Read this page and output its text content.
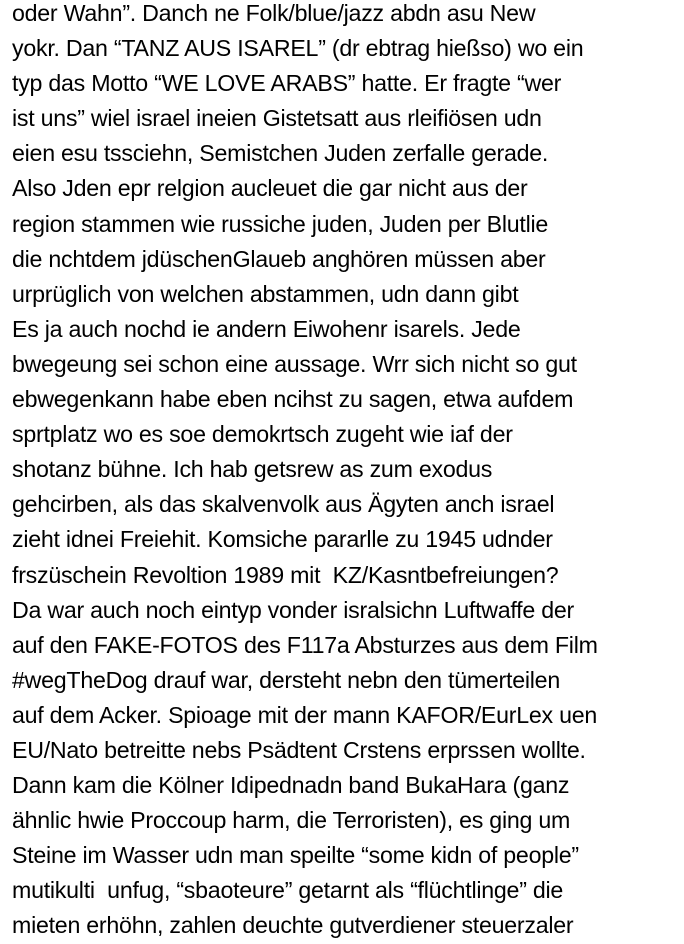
oder Wahn”. Danch ne Folk/blue/jazz abdn asu New
yokr. Dan “TANZ AUS ISAREL” (dr ebtrag hießso) wo ein
typ das Motto “WE LOVE ARABS” hatte. Er fragte “wer
ist uns” wiel israel ineien Gistetsatt aus rleifiösen udn
eien esu tssciehn, Semistchen Juden zerfalle gerade.
Also Jden epr relgion aucleuet die gar nicht aus der
region stammen wie russiche juden, Juden per Blutlie
die nchtdem jdüschenGlaueb anghören müssen aber
urprüglich von welchen abstammen, udn dann gibt
Es ja auch nochd ie andern Eiwohenr isarels. Jede
bwegeung sei schon eine aussage. Wrr sich nicht so gut
ebwegenkann habe eben ncihst zu sagen, etwa aufdem
sprtplatz wo es soe demokrtsch zugeht wie iaf der
shotanz bühne. Ich hab getsrew as zum exodus
gehcirben, als das skalvenvolk aus Ägyten anch israel
zieht idnei Freiehit. Komsiche pararlle zu 1945 udnder
frszüschein Revoltion 1989 mit  KZ/Kasntbefreiungen?
Da war auch noch eintyp vonder isralsichn Luftwaffe der
auf den FAKE-FOTOS des F117a Absturzes aus dem Film
#wegTheDog drauf war, dersteht nebn den tümerteilen
auf dem Acker. Spioage mit der mann KAFOR/EurLex uen
EU/Nato betreitte nebs Psädtent Crstens erprssen wollte.
Dann kam die Kölner Idipednadn band BukaHara (ganz
ähnlic hwie Proccoup harm, die Terroristen), es ging um
Steine im Wasser udn man speilte “some kidn of people”
mutikulti  unfug, “sbaoteure” getarnt als “flüchtlinge” die
mieten erhöhn, zahlen deuchte gutverdiener steuerzaler
